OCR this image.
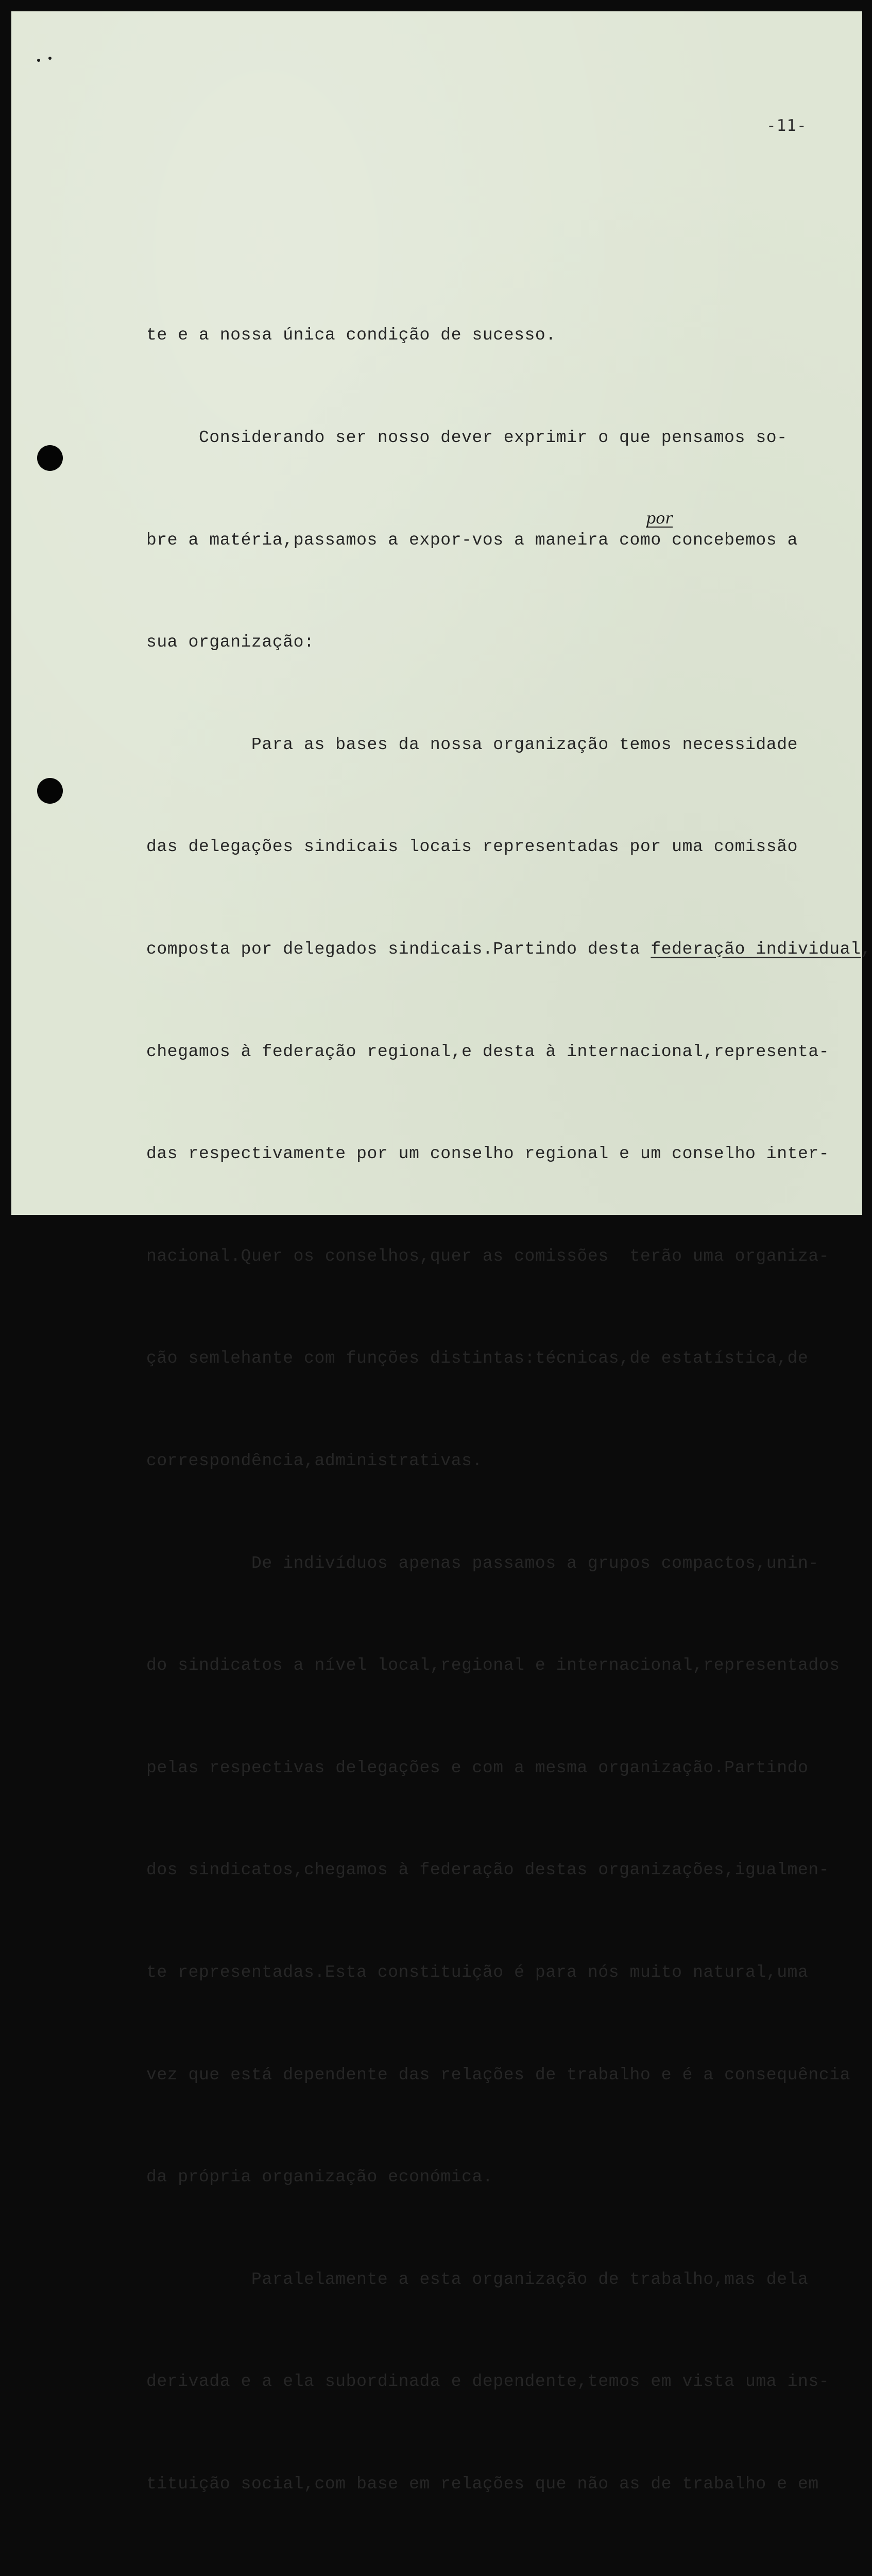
-11-
por

te e a nossa única condição de sucesso.

Considerando ser nosso dever exprimir o que pensamos so-

bre a matéria,passamos a expor-vos a maneira como concebemos a

sua organização:

Para as bases da nossa organização temos necessidade

das delegações sindicais locais representadas por uma comissão

composta por delegados sindicais.Partindo desta federação individual,

chegamos à federação regional,e desta à internacional,representa-

das respectivamente por um conselho regional e um conselho inter-

nacional.Quer os conselhos,quer as comissões  terão uma organiza-

ção semlehante com funções distintas:técnicas,de estatística,de

correspondência,administrativas.

De indivíduos apenas passamos a grupos compactos,unin-

do sindicatos a nível local,regional e internacional,representados

pelas respectivas delegações e com a mesma organização.Partindo

dos sindicatos,chegamos à federação destas organizações,igualmen-

te representadas.Esta constituição é para nós muito natural,uma

vez que está dependente das relações de trabalho e é a consequência

da própria organização económica.

Paralelamente a esta organização de trabalho,mas dela

derivada e a ela subordinada e dependente,temos em vista uma ins-

tituição social,com base em relações que não as de trabalho e em
